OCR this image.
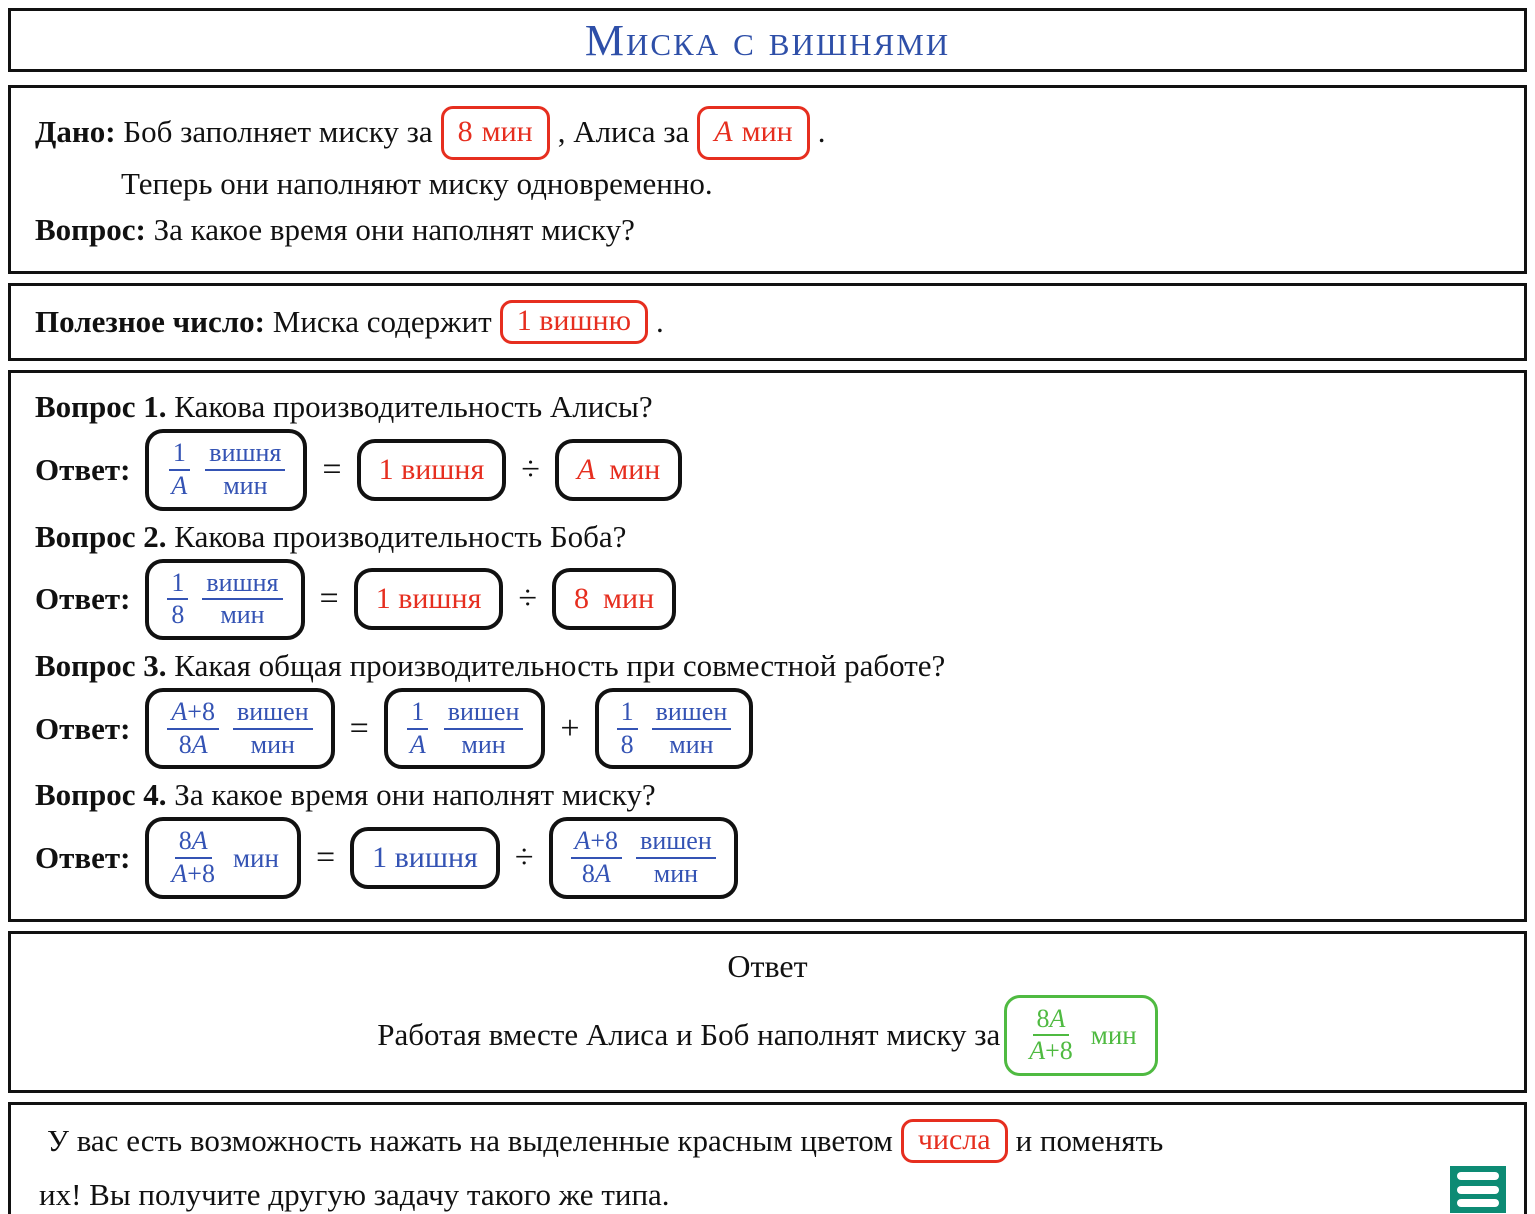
Миска с вишнями
Дано:
Боб заполняет миску за 8 мин , Алиса за A мин .
Теперь они наполняют миску одновременно.
Вопрос:
За какое время они наполнят миску?
Полезное число:
Миска содержит 1 вишню .
Вопрос 1. Какова производительность Алисы?
Ответ: $\frac{1}{A} \frac{\text{вишня}}{\text{мин}} = 1$ вишня ÷ A мин
Вопрос 2. Какова производительность Боба?
Ответ: $\frac{1}{8} \frac{\text{вишня}}{\text{мин}} = 1$ вишня ÷ 8 мин
Вопрос 3. Какая общая производительность при совместной работе?
Ответ: $\frac{A+8}{8A} \frac{\text{вишен}}{\text{мин}} = \frac{1}{A} \frac{\text{вишен}}{\text{мин}} + \frac{1}{8} \frac{\text{вишен}}{\text{мин}}$
Вопрос 4. За какое время они наполнят миску?
Ответ: $\frac{8A}{A+8}$ мин = 1 вишня ÷ $\frac{A+8}{8A} \frac{\text{вишен}}{\text{мин}}$
Ответ
Работая вместе Алиса и Боб наполнят миску за $\frac{8A}{A+8}$ мин
У вас есть возможность нажать на выделенные красным цветом числа и поменять
их! Вы получите другую задачу такого же типа.
